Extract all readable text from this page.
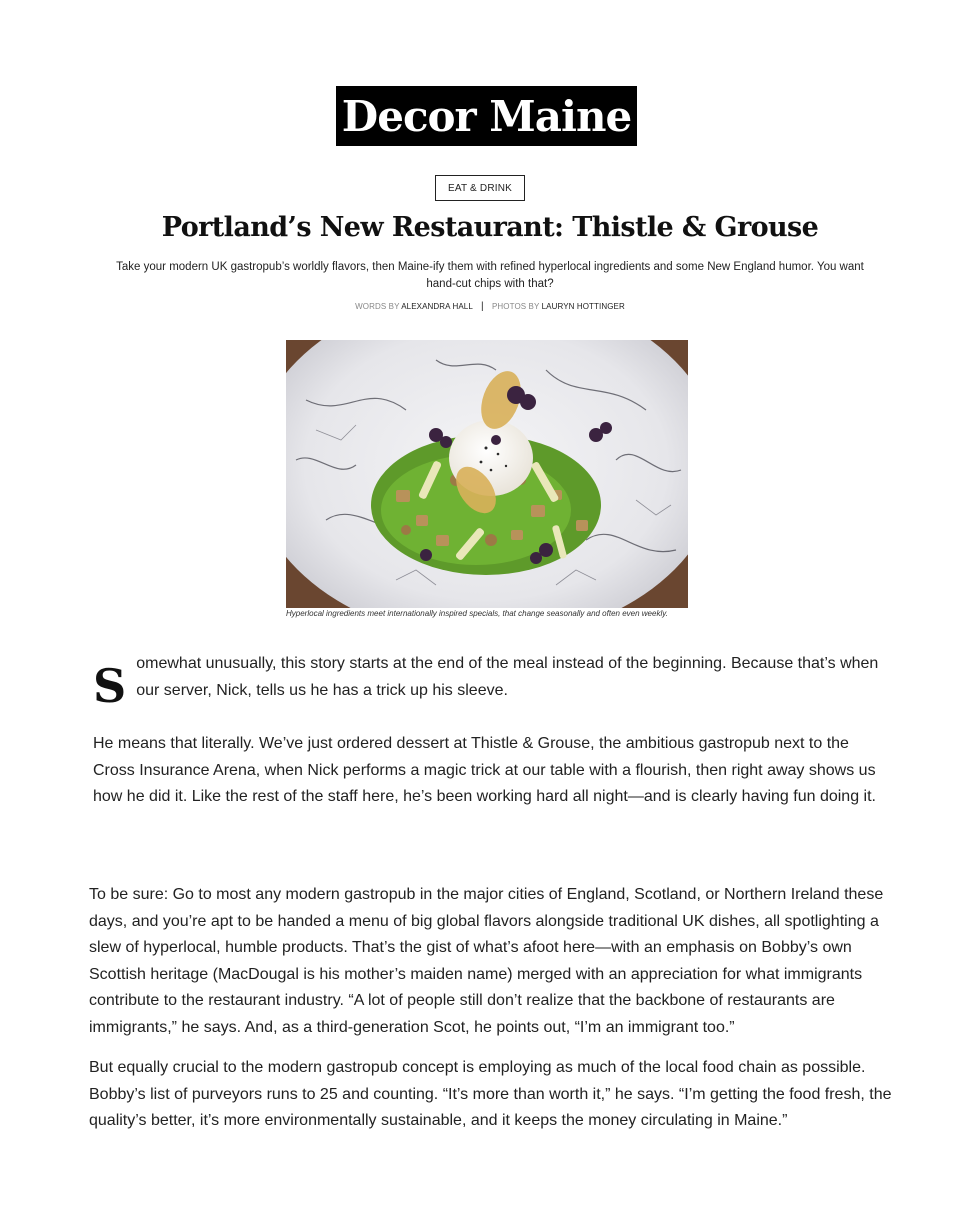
Decor Maine
EAT & DRINK
Portland’s New Restaurant: Thistle & Grouse

Take your modern UK gastropub’s worldly flavors, then Maine-ify them with refined hyperlocal ingredients and some New England humor. You want hand-cut chips with that?

WORDS BY ALEXANDRA HALL | PHOTOS BY LAURYN HOTTINGER
Hyperlocal ingredients meet internationally inspired specials, that change seasonally and often even weekly.

Somewhat unusually, this story starts at the end of the meal instead of the beginning. Because that’s when our server, Nick, tells us he has a trick up his sleeve.

He means that literally. We’ve just ordered dessert at Thistle & Grouse, the ambitious gastropub next to the Cross Insurance Arena, when Nick performs a magic trick at our table with a flourish, then right away shows us how he did it. Like the rest of the staff here, he’s been working hard all night—and is clearly having fun doing it.

To be sure: Go to most any modern gastropub in the major cities of England, Scotland, or Northern Ireland these days, and you’re apt to be handed a menu of big global flavors alongside traditional UK dishes, all spotlighting a slew of hyperlocal, humble products. That’s the gist of what’s afoot here—with an emphasis on Bobby’s own Scottish heritage (MacDougal is his mother’s maiden name) merged with an appreciation for what immigrants contribute to the restaurant industry. “A lot of people still don’t realize that the backbone of restaurants are immigrants,” he says. And, as a third-generation Scot, he points out, “I’m an immigrant too.”

But equally crucial to the modern gastropub concept is employing as much of the local food chain as possible. Bobby’s list of purveyors runs to 25 and counting. “It’s more than worth it,” he says. “I’m getting the food fresh, the quality’s better, it’s more environmentally sustainable, and it keeps the money circulating in Maine.”
